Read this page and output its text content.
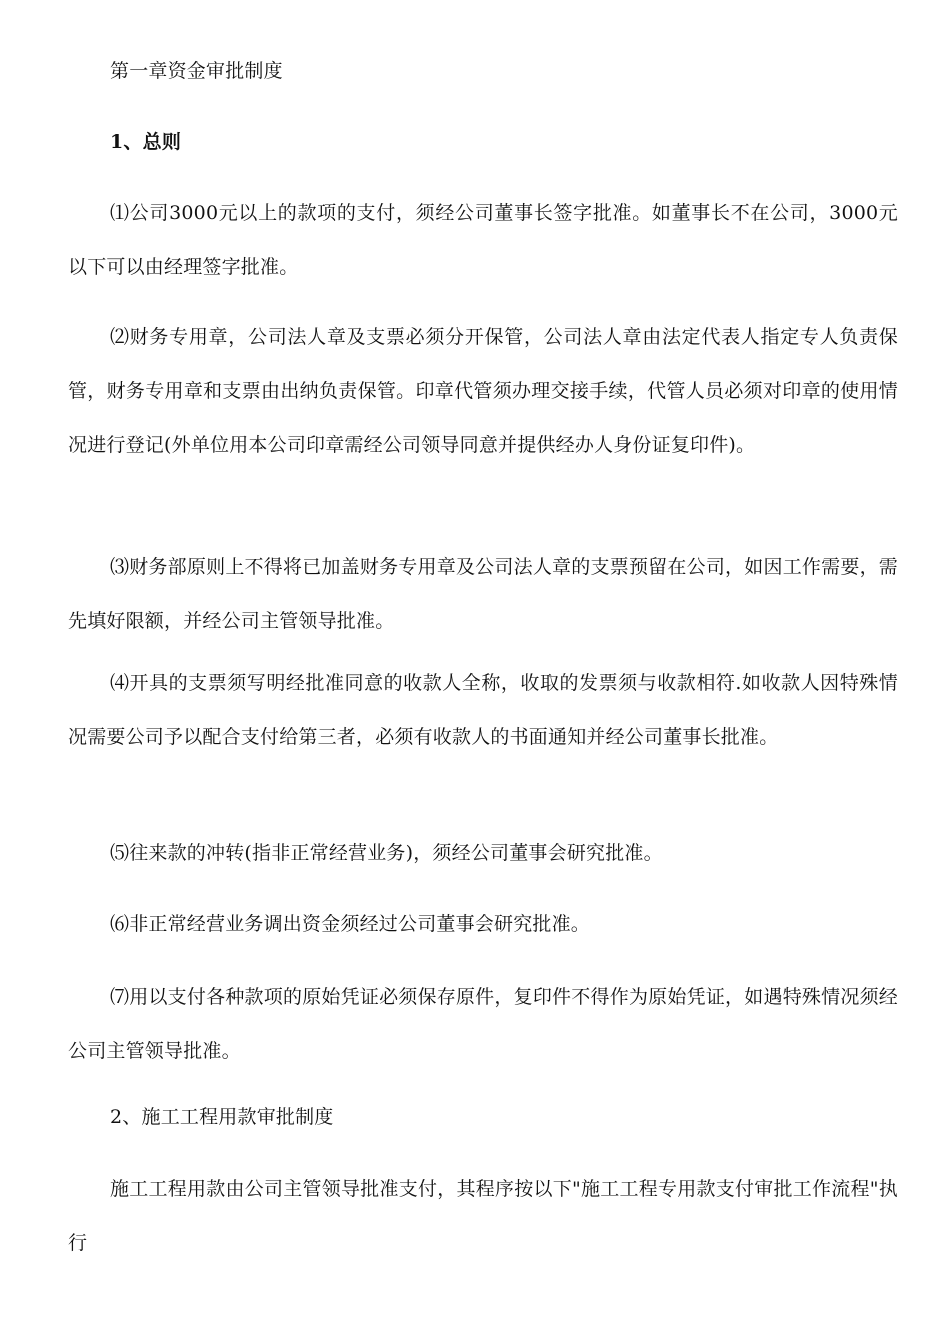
第一章资金审批制度

1、总则

⑴公司3000元以上的款项的支付，须经公司董事长签字批准。如董事长不在公司，3000元以下可以由经理签字批准。

⑵财务专用章，公司法人章及支票必须分开保管，公司法人章由法定代表人指定专人负责保管，财务专用章和支票由出纳负责保管。印章代管须办理交接手续，代管人员必须对印章的使用情况进行登记(外单位用本公司印章需经公司领导同意并提供经办人身份证复印件)。

⑶财务部原则上不得将已加盖财务专用章及公司法人章的支票预留在公司，如因工作需要，需先填好限额，并经公司主管领导批准。

⑷开具的支票须写明经批准同意的收款人全称，收取的发票须与收款相符.如收款人因特殊情况需要公司予以配合支付给第三者，必须有收款人的书面通知并经公司董事长批准。

⑸往来款的冲转(指非正常经营业务)，须经公司董事会研究批准。

⑹非正常经营业务调出资金须经过公司董事会研究批准。

⑺用以支付各种款项的原始凭证必须保存原件，复印件不得作为原始凭证，如遇特殊情况须经公司主管领导批准。

2、施工工程用款审批制度

施工工程用款由公司主管领导批准支付，其程序按以下"施工工程专用款支付审批工作流程"执行
